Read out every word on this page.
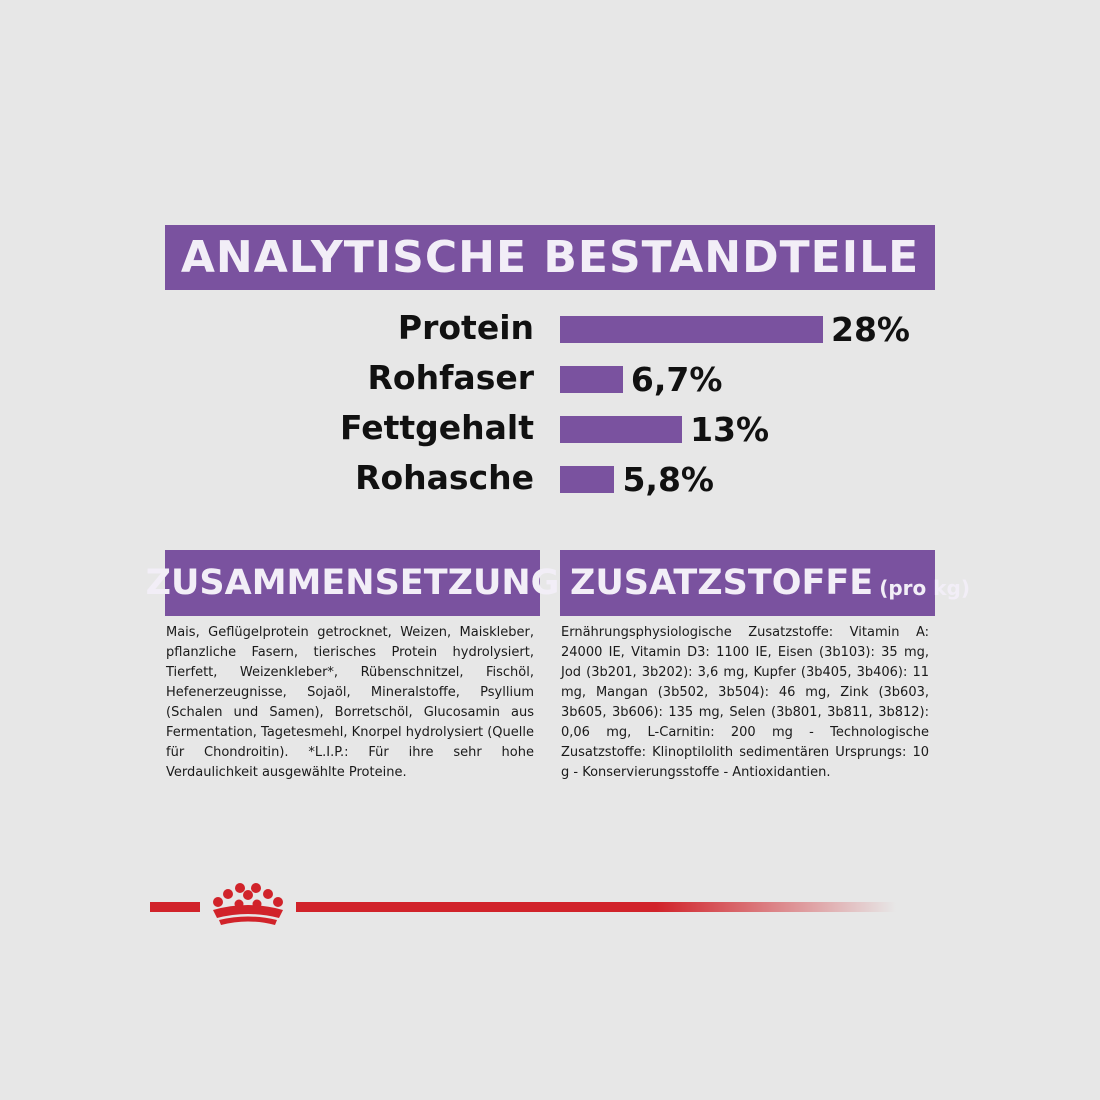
ANALYTISCHE BESTANDTEILE
Protein	28%
Rohfaser	6,7%
Fettgehalt	13%
Rohasche	5,8%
ZUSAMMENSETZUNG ZUSATZSTOFFE (pro kg)
Mais, Geflügelprotein getrocknet, Weizen, Maiskleber, pflanzliche Fasern, tierisches Protein hydrolysiert, Tierfett, Weizenkleber*, Rübenschnitzel, Fischöl, Hefenerzeugnisse, Sojaöl, Mineralstoffe, Psyllium (Schalen und Samen), Borretschöl, Glucosamin aus Fermentation, Tagetesmehl, Knorpel hydrolysiert (Quelle für Chondroitin). *L.I.P.: Für ihre sehr hohe Verdaulichkeit ausgewählte Proteine.
Ernährungsphysiologische Zusatzstoffe: Vitamin A: 24000 IE, Vitamin D3: 1100 IE, Eisen (3b103): 35 mg, Jod (3b201, 3b202): 3,6 mg, Kupfer (3b405, 3b406): 11 mg, Mangan (3b502, 3b504): 46 mg, Zink (3b603, 3b605, 3b606): 135 mg, Selen (3b801, 3b811, 3b812): 0,06 mg, L-Carnitin: 200 mg - Technologische Zusatzstoffe: Klinoptilolith sedimentären Ursprungs: 10 g - Konservierungsstoffe - Antioxidantien.
